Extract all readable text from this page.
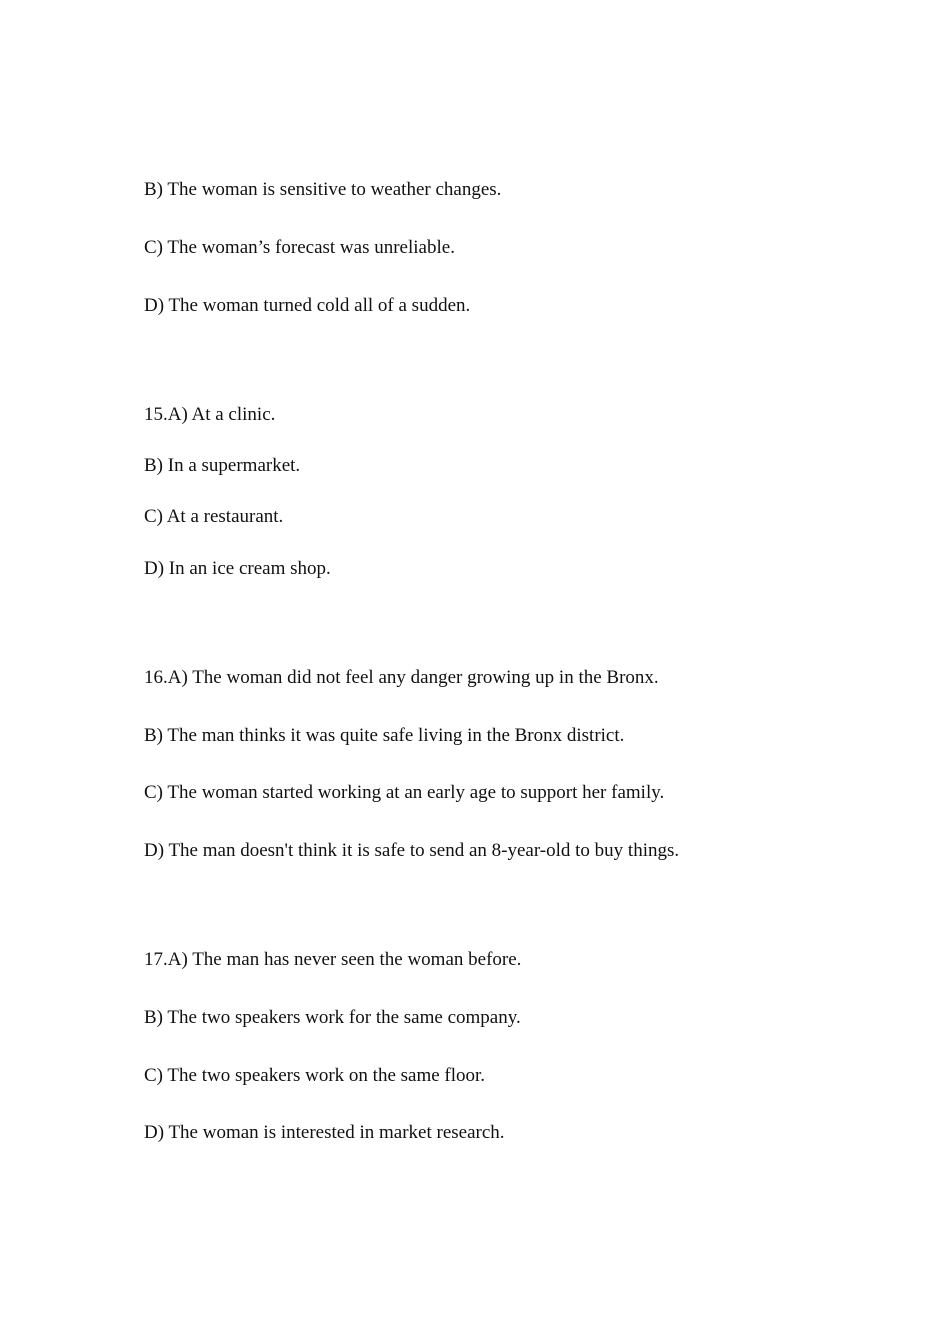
B) The woman is sensitive to weather changes.
C) The woman’s forecast was unreliable.
D) The woman turned cold all of a sudden.
15.A) At a clinic.
B) In a supermarket.
C) At a restaurant.
D) In an ice cream shop.
16.A) The woman did not feel any danger growing up in the Bronx.
B) The man thinks it was quite safe living in the Bronx district.
C) The woman started working at an early age to support her family.
D) The man doesn't think it is safe to send an 8-year-old to buy things.
17.A) The man has never seen the woman before.
B) The two speakers work for the same company.
C) The two speakers work on the same floor.
D) The woman is interested in market research.
